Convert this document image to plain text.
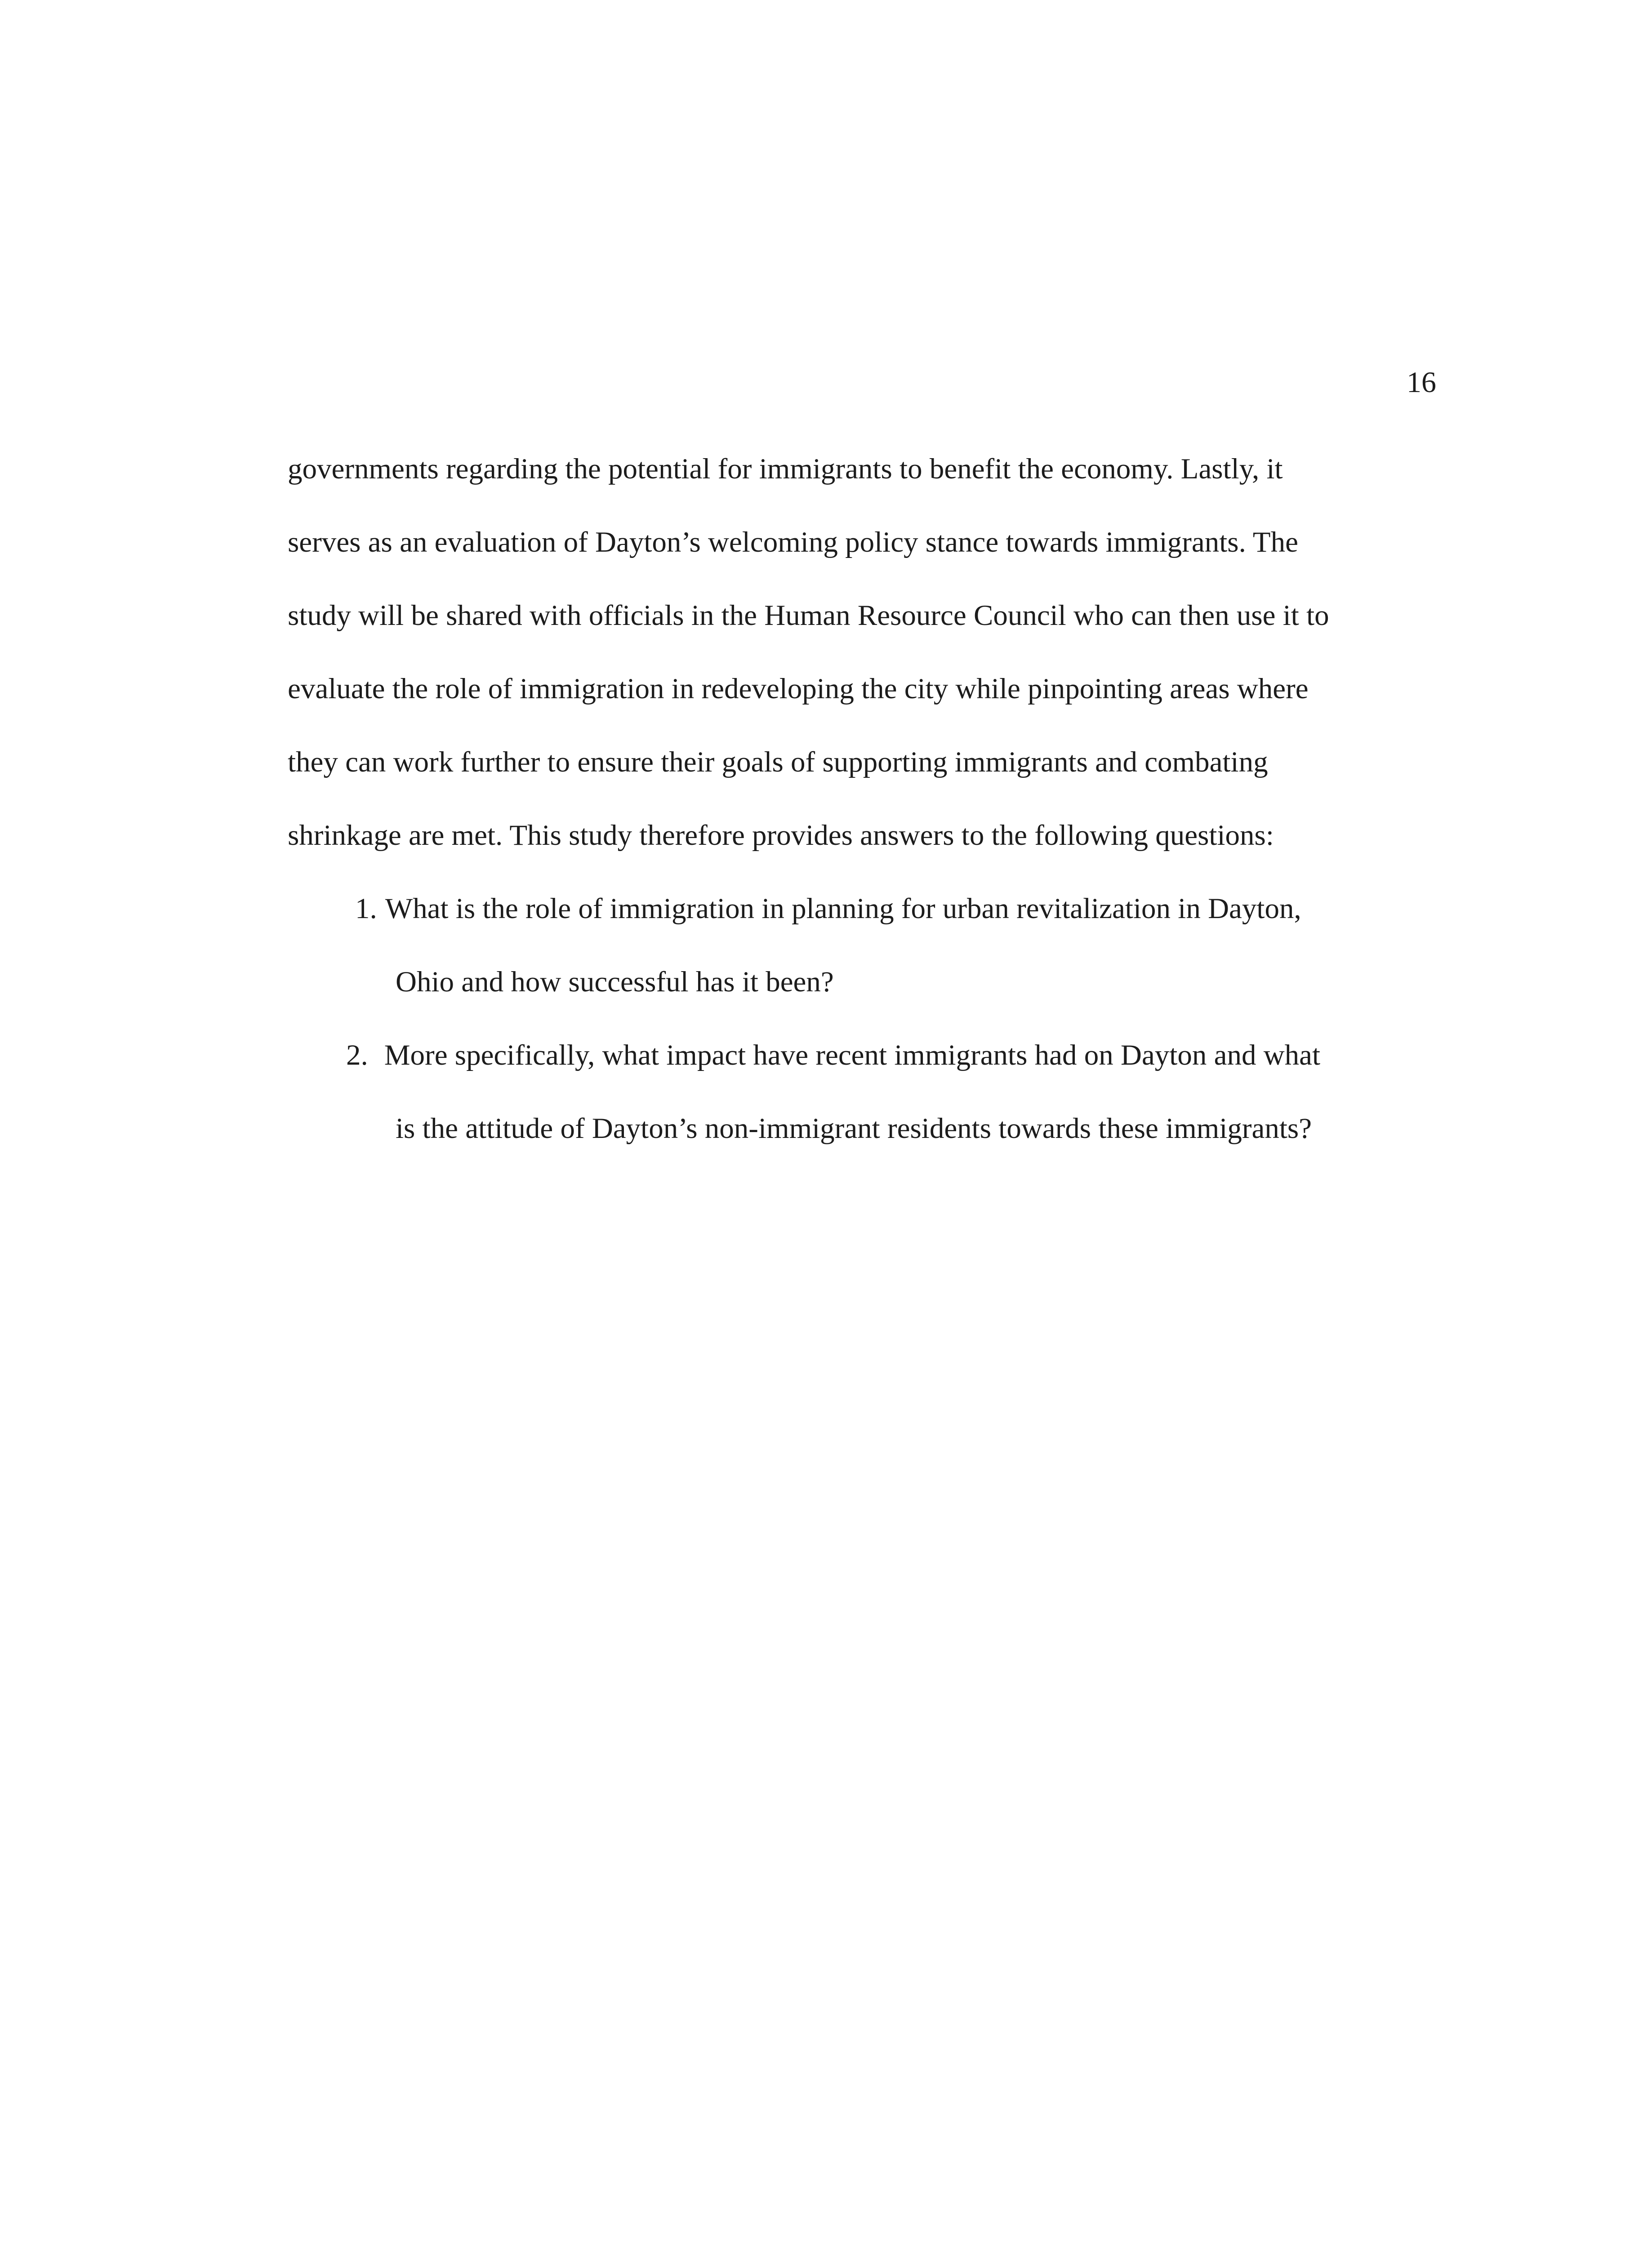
16
governments regarding the potential for immigrants to benefit the economy. Lastly, it
serves as an evaluation of Dayton’s welcoming policy stance towards immigrants. The
study will be shared with officials in the Human Resource Council who can then use it to
evaluate the role of immigration in redeveloping the city while pinpointing areas where
they can work further to ensure their goals of supporting immigrants and combating
shrinkage are met. This study therefore provides answers to the following questions:
1. What is the role of immigration in planning for urban revitalization in Dayton,
Ohio and how successful has it been?
2. More specifically, what impact have recent immigrants had on Dayton and what
is the attitude of Dayton’s non-immigrant residents towards these immigrants?
